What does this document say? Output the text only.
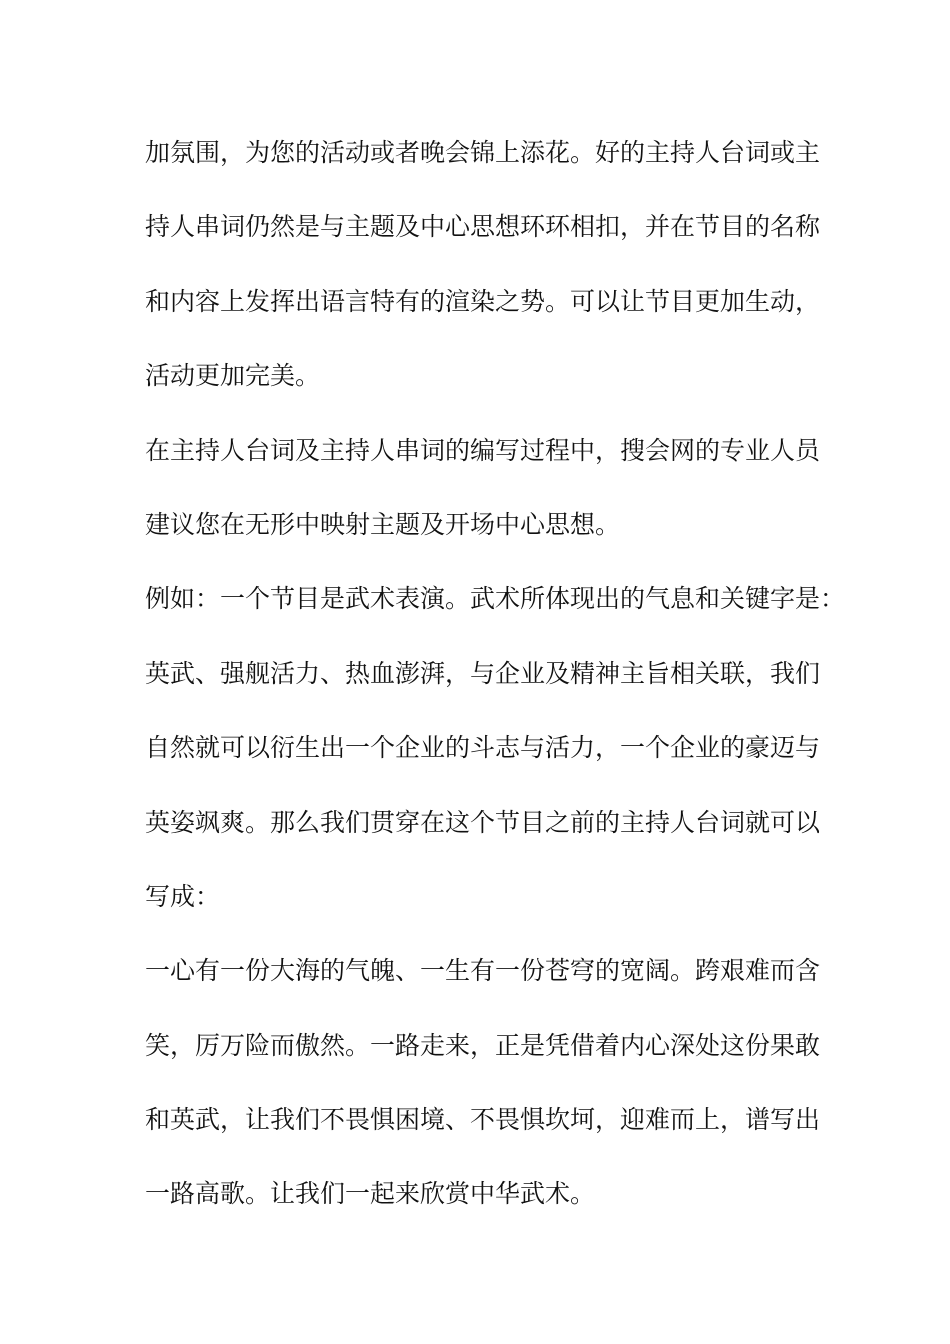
加氛围，为您的活动或者晚会锦上添花。好的主持人台词或主
持人串词仍然是与主题及中心思想环环相扣，并在节目的名称
和内容上发挥出语言特有的渲染之势。可以让节目更加生动，
活动更加完美。
在主持人台词及主持人串词的编写过程中，搜会网的专业人员
建议您在无形中映射主题及开场中心思想。
例如：一个节目是武术表演。武术所体现出的气息和关键字是：
英武、强舰活力、热血澎湃，与企业及精神主旨相关联，我们
自然就可以衍生出一个企业的斗志与活力，一个企业的豪迈与
英姿飒爽。那么我们贯穿在这个节目之前的主持人台词就可以
写成：
一心有一份大海的气魄、一生有一份苍穹的宽阔。跨艰难而含
笑，厉万险而傲然。一路走来，正是凭借着内心深处这份果敢
和英武，让我们不畏惧困境、不畏惧坎坷，迎难而上，谱写出
一路高歌。让我们一起来欣赏中华武术。
